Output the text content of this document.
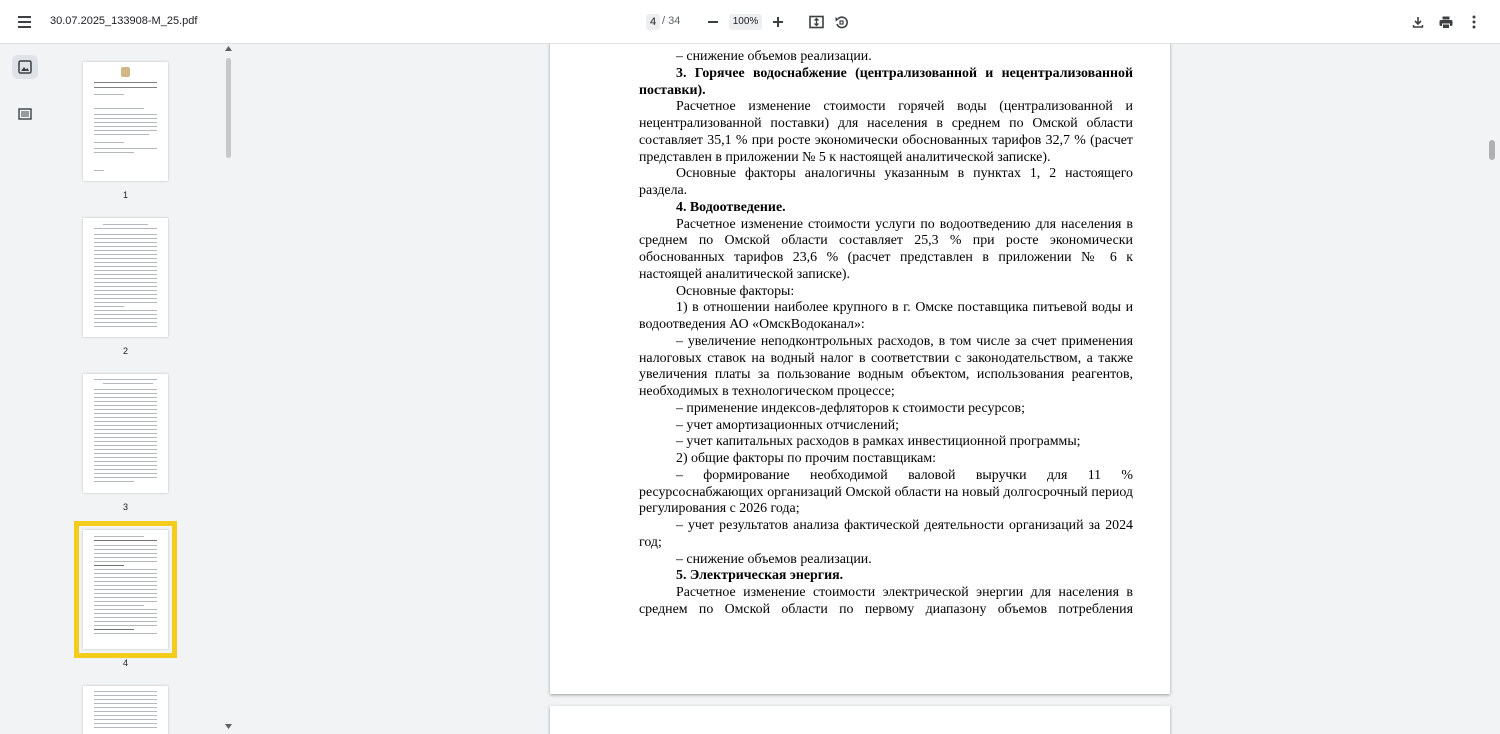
30.07.2025_133908-M_25.pdf	4 / 34	100%
1
2
3
4

– снижение объемов реализации.

3. Горячее водоснабжение (централизованной и нецентрализованной поставки).

Расчетное изменение стоимости горячей воды (централизованной и нецентрализованной поставки) для населения в среднем по Омской области составляет 35,1 % при росте экономически обоснованных тарифов 32,7 % (расчет представлен в приложении № 5 к настоящей аналитической записке).

Основные факторы аналогичны указанным в пунктах 1, 2 настоящего раздела.

4. Водоотведение.

Расчетное изменение стоимости услуги по водоотведению для населения в среднем по Омской области составляет 25,3 % при росте экономически обоснованных тарифов 23,6 % (расчет представлен в приложении № 6 к настоящей аналитической записке).

Основные факторы:

1) в отношении наиболее крупного в г. Омске поставщика питьевой воды и водоотведения АО «ОмскВодоканал»:

– увеличение неподконтрольных расходов, в том числе за счет применения налоговых ставок на водный налог в соответствии с законодательством, а также увеличения платы за пользование водным объектом, использования реагентов, необходимых в технологическом процессе;

– применение индексов-дефляторов к стоимости ресурсов;

– учет амортизационных отчислений;

– учет капитальных расходов в рамках инвестиционной программы;

2) общие факторы по прочим поставщикам:

– формирование необходимой валовой выручки для 11 % ресурсоснабжающих организаций Омской области на новый долгосрочный период регулирования с 2026 года;

– учет результатов анализа фактической деятельности организаций за 2024 год;

– снижение объемов реализации.

5. Электрическая энергия.

Расчетное изменение стоимости электрической энергии для населения в среднем по Омской области по первому диапазону объемов потребления
